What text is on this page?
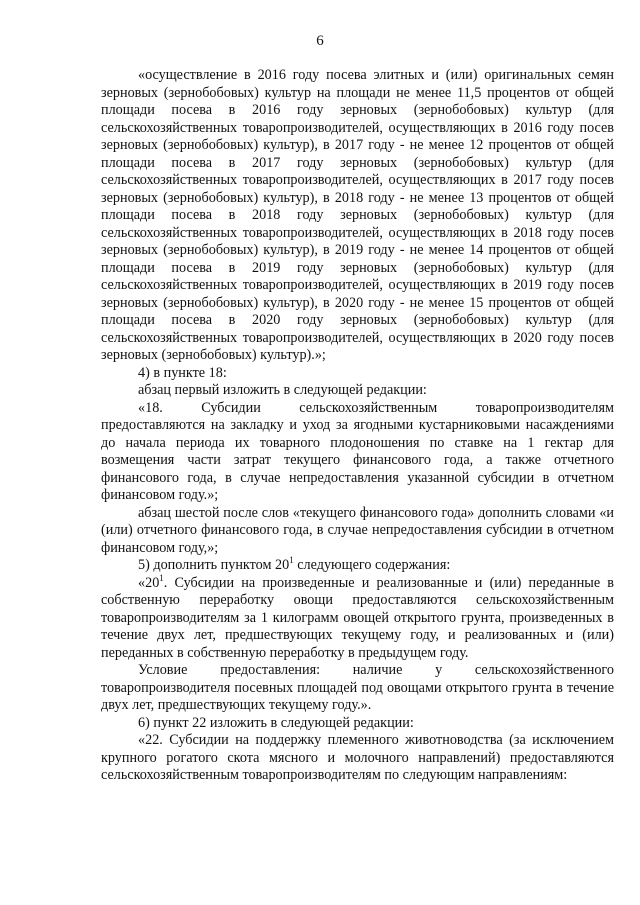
6

«осуществление в 2016 году посева элитных и (или) оригинальных семян зерновых (зернобобовых) культур на площади не менее 11,5 процентов от общей площади посева в 2016 году зерновых (зернобобовых) культур (для сельскохозяйственных товаропроизводителей, осуществляющих в 2016 году посев зерновых (зернобобовых) культур), в 2017 году - не менее 12 процентов от общей площади посева в 2017 году зерновых (зернобобовых) культур (для сельскохозяйственных товаропроизводителей, осуществляющих в 2017 году посев зерновых (зернобобовых) культур), в 2018 году - не менее 13 процентов от общей площади посева в 2018 году зерновых (зернобобовых) культур (для сельскохозяйственных товаропроизводителей, осуществляющих в 2018 году посев зерновых (зернобобовых) культур), в 2019 году - не менее 14 процентов от общей площади посева в 2019 году зерновых (зернобобовых) культур (для сельскохозяйственных товаропроизводителей, осуществляющих в 2019 году посев зерновых (зернобобовых) культур), в 2020 году - не менее 15 процентов от общей площади посева в 2020 году зерновых (зернобобовых) культур (для сельскохозяйственных товаропроизводителей, осуществляющих в 2020 году посев зерновых (зернобобовых) культур).»;

4) в пункте 18:

абзац первый изложить в следующей редакции:

«18. Субсидии сельскохозяйственным товаропроизводителям предоставляются на закладку и уход за ягодными кустарниковыми насаждениями до начала периода их товарного плодоношения по ставке на 1 гектар для возмещения части затрат текущего финансового года, а также отчетного финансового года, в случае непредоставления указанной субсидии в отчетном финансовом году.»;

абзац шестой после слов «текущего финансового года» дополнить словами «и (или) отчетного финансового года, в случае непредоставления субсидии в отчетном финансовом году,»;

5) дополнить пунктом $20^1$ следующего содержания:

«$20^1$. Субсидии на произведенные и реализованные и (или) переданные в собственную переработку овощи предоставляются сельскохозяйственным товаропроизводителям за 1 килограмм овощей открытого грунта, произведенных в течение двух лет, предшествующих текущему году, и реализованных и (или) переданных в собственную переработку в предыдущем году.

Условие предоставления: наличие у сельскохозяйственного товаропроизводителя посевных площадей под овощами открытого грунта в течение двух лет, предшествующих текущему году.».

6) пункт 22 изложить в следующей редакции:

«22. Субсидии на поддержку племенного животноводства (за исключением крупного рогатого скота мясного и молочного направлений) предоставляются сельскохозяйственным товаропроизводителям по следующим направлениям:
